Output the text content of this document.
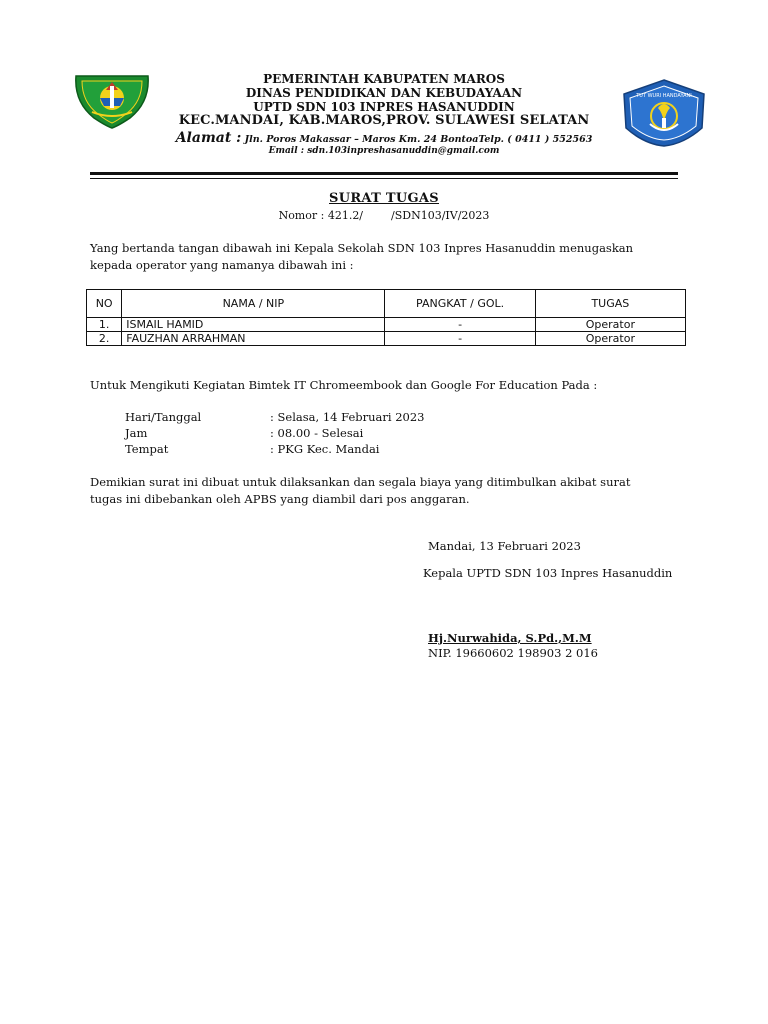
TUT WURI HANDAYANI
PEMERINTAH KABUPATEN MAROS
DINAS PENDIDIKAN DAN KEBUDAYAAN
UPTD SDN 103 INPRES HASANUDDIN
KEC.MANDAI, KAB.MAROS,PROV. SULAWESI SELATAN
Alamat : Jln. Poros Makassar – Maros Km. 24 BontoaTelp. ( 0411 ) 552563
Email : sdn.103inpreshasanuddin@gmail.com
SURAT TUGAS
Nomor : 421.2/	/SDN103/IV/2023
Yang bertanda tangan dibawah ini Kepala Sekolah SDN 103 Inpres Hasanuddin menugaskan
kepada operator yang namanya dibawah ini :
NO	NAMA / NIP	PANGKAT / GOL.	TUGAS
1.	ISMAIL HAMID	-	Operator
2.	FAUZHAN ARRAHMAN	-	Operator
Untuk Mengikuti Kegiatan Bimtek IT Chromeembook dan Google For Education Pada :
Hari/Tanggal	: Selasa, 14 Februari 2023
Jam	: 08.00 - Selesai
Tempat	: PKG Kec. Mandai
Demikian surat ini dibuat untuk dilaksankan dan segala biaya yang ditimbulkan akibat surat
tugas ini dibebankan oleh APBS yang diambil dari pos anggaran.
Mandai, 13 Februari 2023
Kepala UPTD SDN 103 Inpres Hasanuddin
Hj.Nurwahida, S.Pd.,M.M
NIP. 19660602 198903 2 016
